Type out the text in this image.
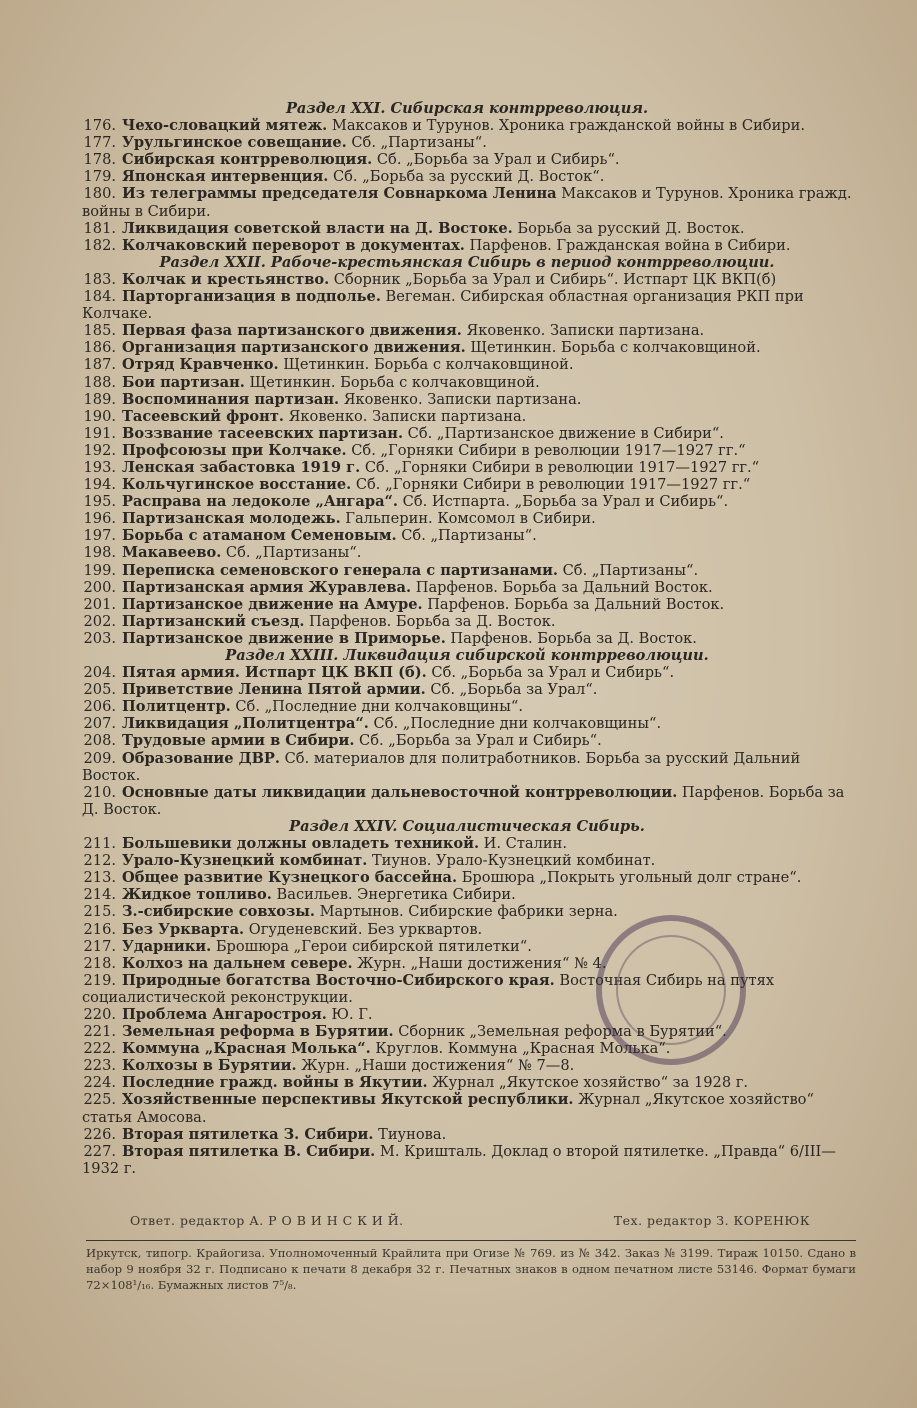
Раздел XXI. Сибирская контрреволюция.
176. Чехо-словацкий мятеж. Максаков и Турунов. Хроника гражданской войны в Сибири.
177. Урульгинское совещание. Сб. „Партизаны“.
178. Сибирская контрреволюция. Сб. „Борьба за Урал и Сибирь“.
179. Японская интервенция. Сб. „Борьба за русский Д. Восток“.
180. Из телеграммы председателя Совнаркома Ленина Максаков и Турунов. Хроника гражд. войны в Сибири.
181. Ликвидация советской власти на Д. Востоке. Борьба за русский Д. Восток.
182. Колчаковский переворот в документах. Парфенов. Гражданская война в Сибири.
Раздел XXII. Рабоче-крестьянская Сибирь в период контрреволюции.
183. Колчак и крестьянство. Сборник „Борьба за Урал и Сибирь“. Истпарт ЦК ВКП(б)
184. Парторганизация в подполье. Вегеман. Сибирская областная организация РКП при Колчаке.
185. Первая фаза партизанского движения. Яковенко. Записки партизана.
186. Организация партизанского движения. Щетинкин. Борьба с колчаковщиной.
187. Отряд Кравченко. Щетинкин. Борьба с колчаковщиной.
188. Бои партизан. Щетинкин. Борьба с колчаковщиной.
189. Воспоминания партизан. Яковенко. Записки партизана.
190. Тасеевский фронт. Яковенко. Записки партизана.
191. Воззвание тасеевских партизан. Сб. „Партизанское движение в Сибири“.
192. Профсоюзы при Колчаке. Сб. „Горняки Сибири в революции 1917—1927 гг.“
193. Ленская забастовка 1919 г. Сб. „Горняки Сибири в революции 1917—1927 гг.“
194. Кольчугинское восстание. Сб. „Горняки Сибири в революции 1917—1927 гг.“
195. Расправа на ледоколе „Ангара“. Сб. Истпарта. „Борьба за Урал и Сибирь“.
196. Партизанская молодежь. Гальперин. Комсомол в Сибири.
197. Борьба с атаманом Семеновым. Сб. „Партизаны“.
198. Макавеево. Сб. „Партизаны“.
199. Переписка семеновского генерала с партизанами. Сб. „Партизаны“.
200. Партизанская армия Журавлева. Парфенов. Борьба за Дальний Восток.
201. Партизанское движение на Амуре. Парфенов. Борьба за Дальний Восток.
202. Партизанский съезд. Парфенов. Борьба за Д. Восток.
203. Партизанское движение в Приморье. Парфенов. Борьба за Д. Восток.
Раздел XXIII. Ликвидация сибирской контрреволюции.
204. Пятая армия. Истпарт ЦК ВКП (б). Сб. „Борьба за Урал и Сибирь“.
205. Приветствие Ленина Пятой армии. Сб. „Борьба за Урал“.
206. Политцентр. Сб. „Последние дни колчаковщины“.
207. Ликвидация „Политцентра“. Сб. „Последние дни колчаковщины“.
208. Трудовые армии в Сибири. Сб. „Борьба за Урал и Сибирь“.
209. Образование ДВР. Сб. материалов для политработников. Борьба за русский Дальний Восток.
210. Основные даты ликвидации дальневосточной контрреволюции. Парфенов. Борьба за Д. Восток.
Раздел XXIV. Социалистическая Сибирь.
211. Большевики должны овладеть техникой. И. Сталин.
212. Урало-Кузнецкий комбинат. Тиунов. Урало-Кузнецкий комбинат.
213. Общее развитие Кузнецкого бассейна. Брошюра „Покрыть угольный долг стране“.
214. Жидкое топливо. Васильев. Энергетика Сибири.
215. З.-сибирские совхозы. Мартынов. Сибирские фабрики зерна.
216. Без Урквартa. Огуденевский. Без урквартов.
217. Ударники. Брошюра „Герои сибирской пятилетки“.
218. Колхоз на дальнем севере. Журн. „Наши достижения“ № 4.
219. Природные богатства Восточно-Сибирского края. Восточная Сибирь на путях социалистической реконструкции.
220. Проблема Ангаростроя. Ю. Г.
221. Земельная реформа в Бурятии. Сборник „Земельная реформа в Бурятии“.
222. Коммуна „Красная Молька“. Круглов. Коммуна „Красная Молька“.
223. Колхозы в Бурятии. Журн. „Наши достижения“ № 7—8.
224. Последние гражд. войны в Якутии. Журнал „Якутское хозяйство“ за 1928 г.
225. Хозяйственные перспективы Якутской республики. Журнал „Якутское хозяйство“ статья Амосова.
226. Вторая пятилетка З. Сибири. Тиунова.
227. Вторая пятилетка В. Сибири. М. Кришталь. Доклад о второй пятилетке. „Правда“ 6/III—1932 г.
Ответ. редактор А. Р О В И Н С К И Й.	Тех. редактор З. КОРЕНЮК
Иркутск, типогр. Крайогиза. Уполномоченный Крайлита при Огизе № 769. из № 342. Заказ № 3199. Тираж 10150. Сдано в набор 9 ноября 32 г. Подписано к печати 8 декабря 32 г. Печатных знаков в одном печатном листе 53146. Формат бумаги 72×108¹/₁₆. Бумажных листов 7⁵/₈.
